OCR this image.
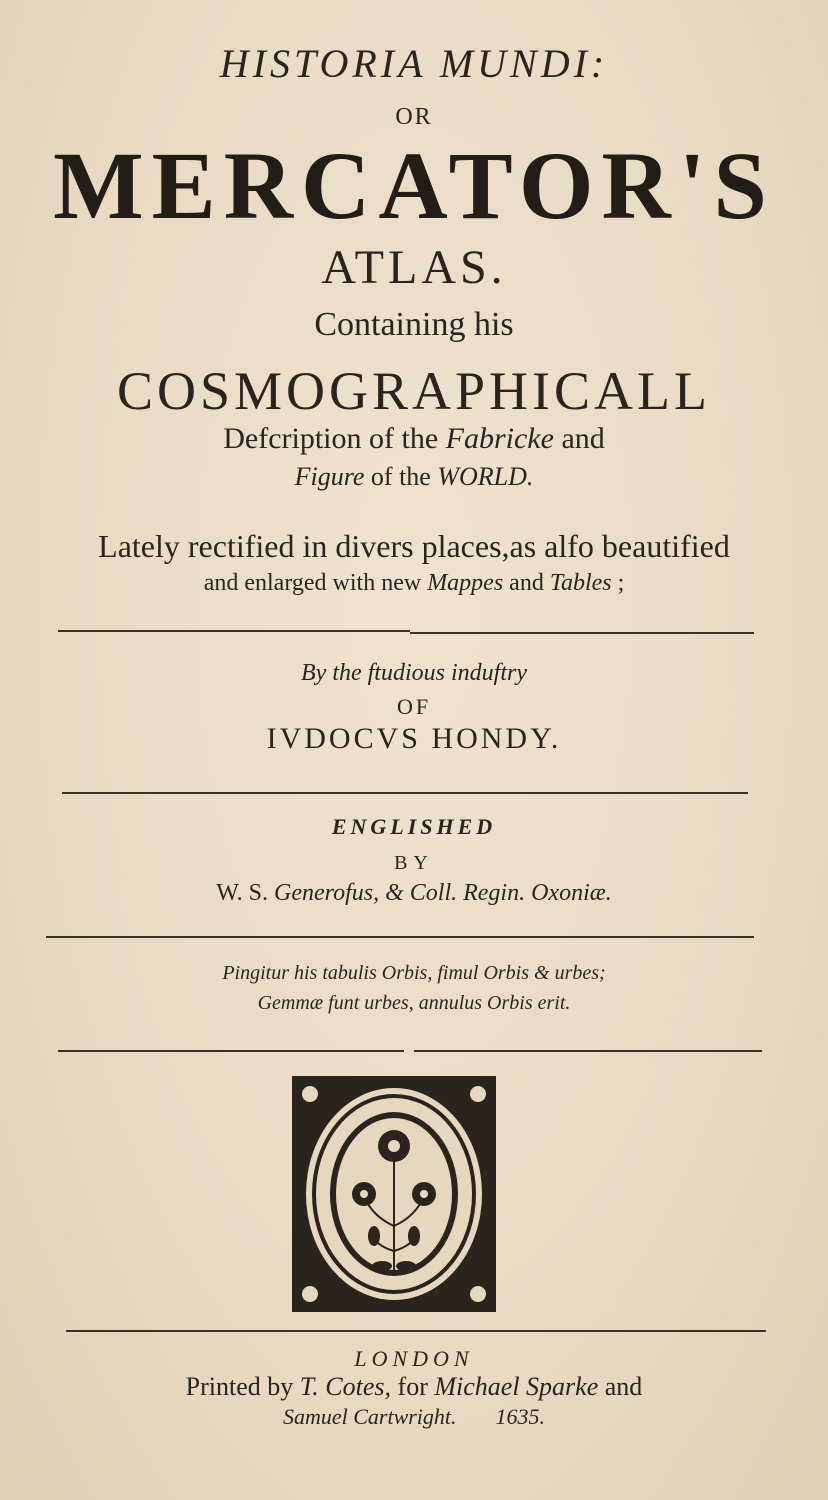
HISTORIA MUNDI:
OR
MERCATOR'S
ATLAS.
Containing his
COSMOGRAPHICALL
Defcription of the Fabricke and
Figure of the WORLD.
Lately rectified in divers places,as alfo beautified
and enlarged with new Mappes and Tables ;
By the ftudious induftry
OF
IVDOCVS HONDY.
ENGLISHED
BY
W. S. Generofus, & Coll. Regin. Oxoniæ.
Pingitur his tabulis Orbis, fimul Orbis & urbes;
Gemmæ funt urbes, annulus Orbis erit.
LONDON
Printed by T. Cotes, for Michael Sparke and
Samuel Cartwright. 1635.
